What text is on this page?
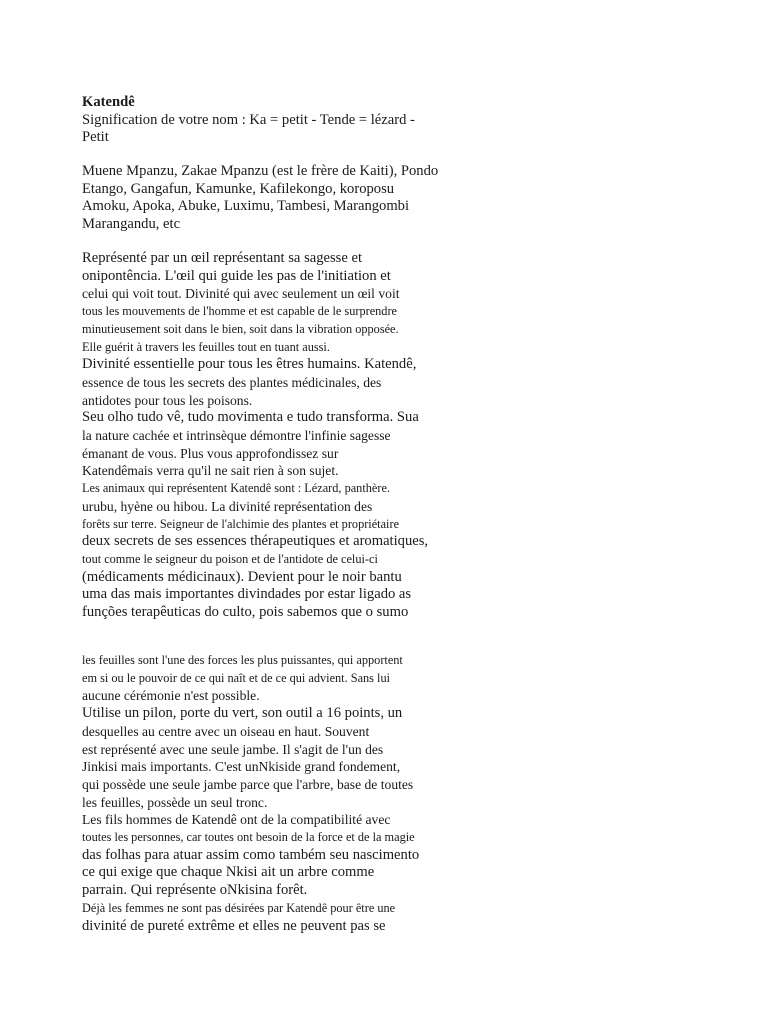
Katendê
Signification de votre nom : Ka = petit - Tende = lézard -
Petit
Muene Mpanzu, Zakae Mpanzu (est le frère de Kaiti), Pondo
Etango, Gangafun, Kamunke, Kafilekongo, koroposu
Amoku, Apoka, Abuke, Luximu, Tambesi, Marangombi
Marangandu, etc
Représenté par un œil représentant sa sagesse et
onipontência. L'œil qui guide les pas de l'initiation et
celui qui voit tout. Divinité qui avec seulement un œil voit
tous les mouvements de l'homme et est capable de le surprendre
minutieusement soit dans le bien, soit dans la vibration opposée.
Elle guérit à travers les feuilles tout en tuant aussi.
Divinité essentielle pour tous les êtres humains. Katendê,
essence de tous les secrets des plantes médicinales, des
antidotes pour tous les poisons.
Seu olho tudo vê, tudo movimenta e tudo transforma. Sua
la nature cachée et intrinsèque démontre l'infinie sagesse
émanant de vous. Plus vous approfondissez sur
Katendêmais verra qu'il ne sait rien à son sujet.
Les animaux qui représentent Katendê sont : Lézard, panthère.
urubu, hyène ou hibou. La divinité représentation des
forêts sur terre. Seigneur de l'alchimie des plantes et propriétaire
deux secrets de ses essences thérapeutiques et aromatiques,
tout comme le seigneur du poison et de l'antidote de celui-ci
(médicaments médicinaux). Devient pour le noir bantu
uma das mais importantes divindades por estar ligado as
funções terapêuticas do culto, pois sabemos que o sumo
les feuilles sont l'une des forces les plus puissantes, qui apportent
em si ou le pouvoir de ce qui naît et de ce qui advient. Sans lui
aucune cérémonie n'est possible.
Utilise un pilon, porte du vert, son outil a 16 points, un
desquelles au centre avec un oiseau en haut. Souvent
est représenté avec une seule jambe. Il s'agit de l'un des
Jinkisi mais importants. C'est unNkiside grand fondement,
qui possède une seule jambe parce que l'arbre, base de toutes
les feuilles, possède un seul tronc.
Les fils hommes de Katendê ont de la compatibilité avec
toutes les personnes, car toutes ont besoin de la force et de la magie
das folhas para atuar assim como também seu nascimento
ce qui exige que chaque Nkisi ait un arbre comme
parrain. Qui représente oNkisina forêt.
Déjà les femmes ne sont pas désirées par Katendê pour être une
divinité de pureté extrême et elles ne peuvent pas se
